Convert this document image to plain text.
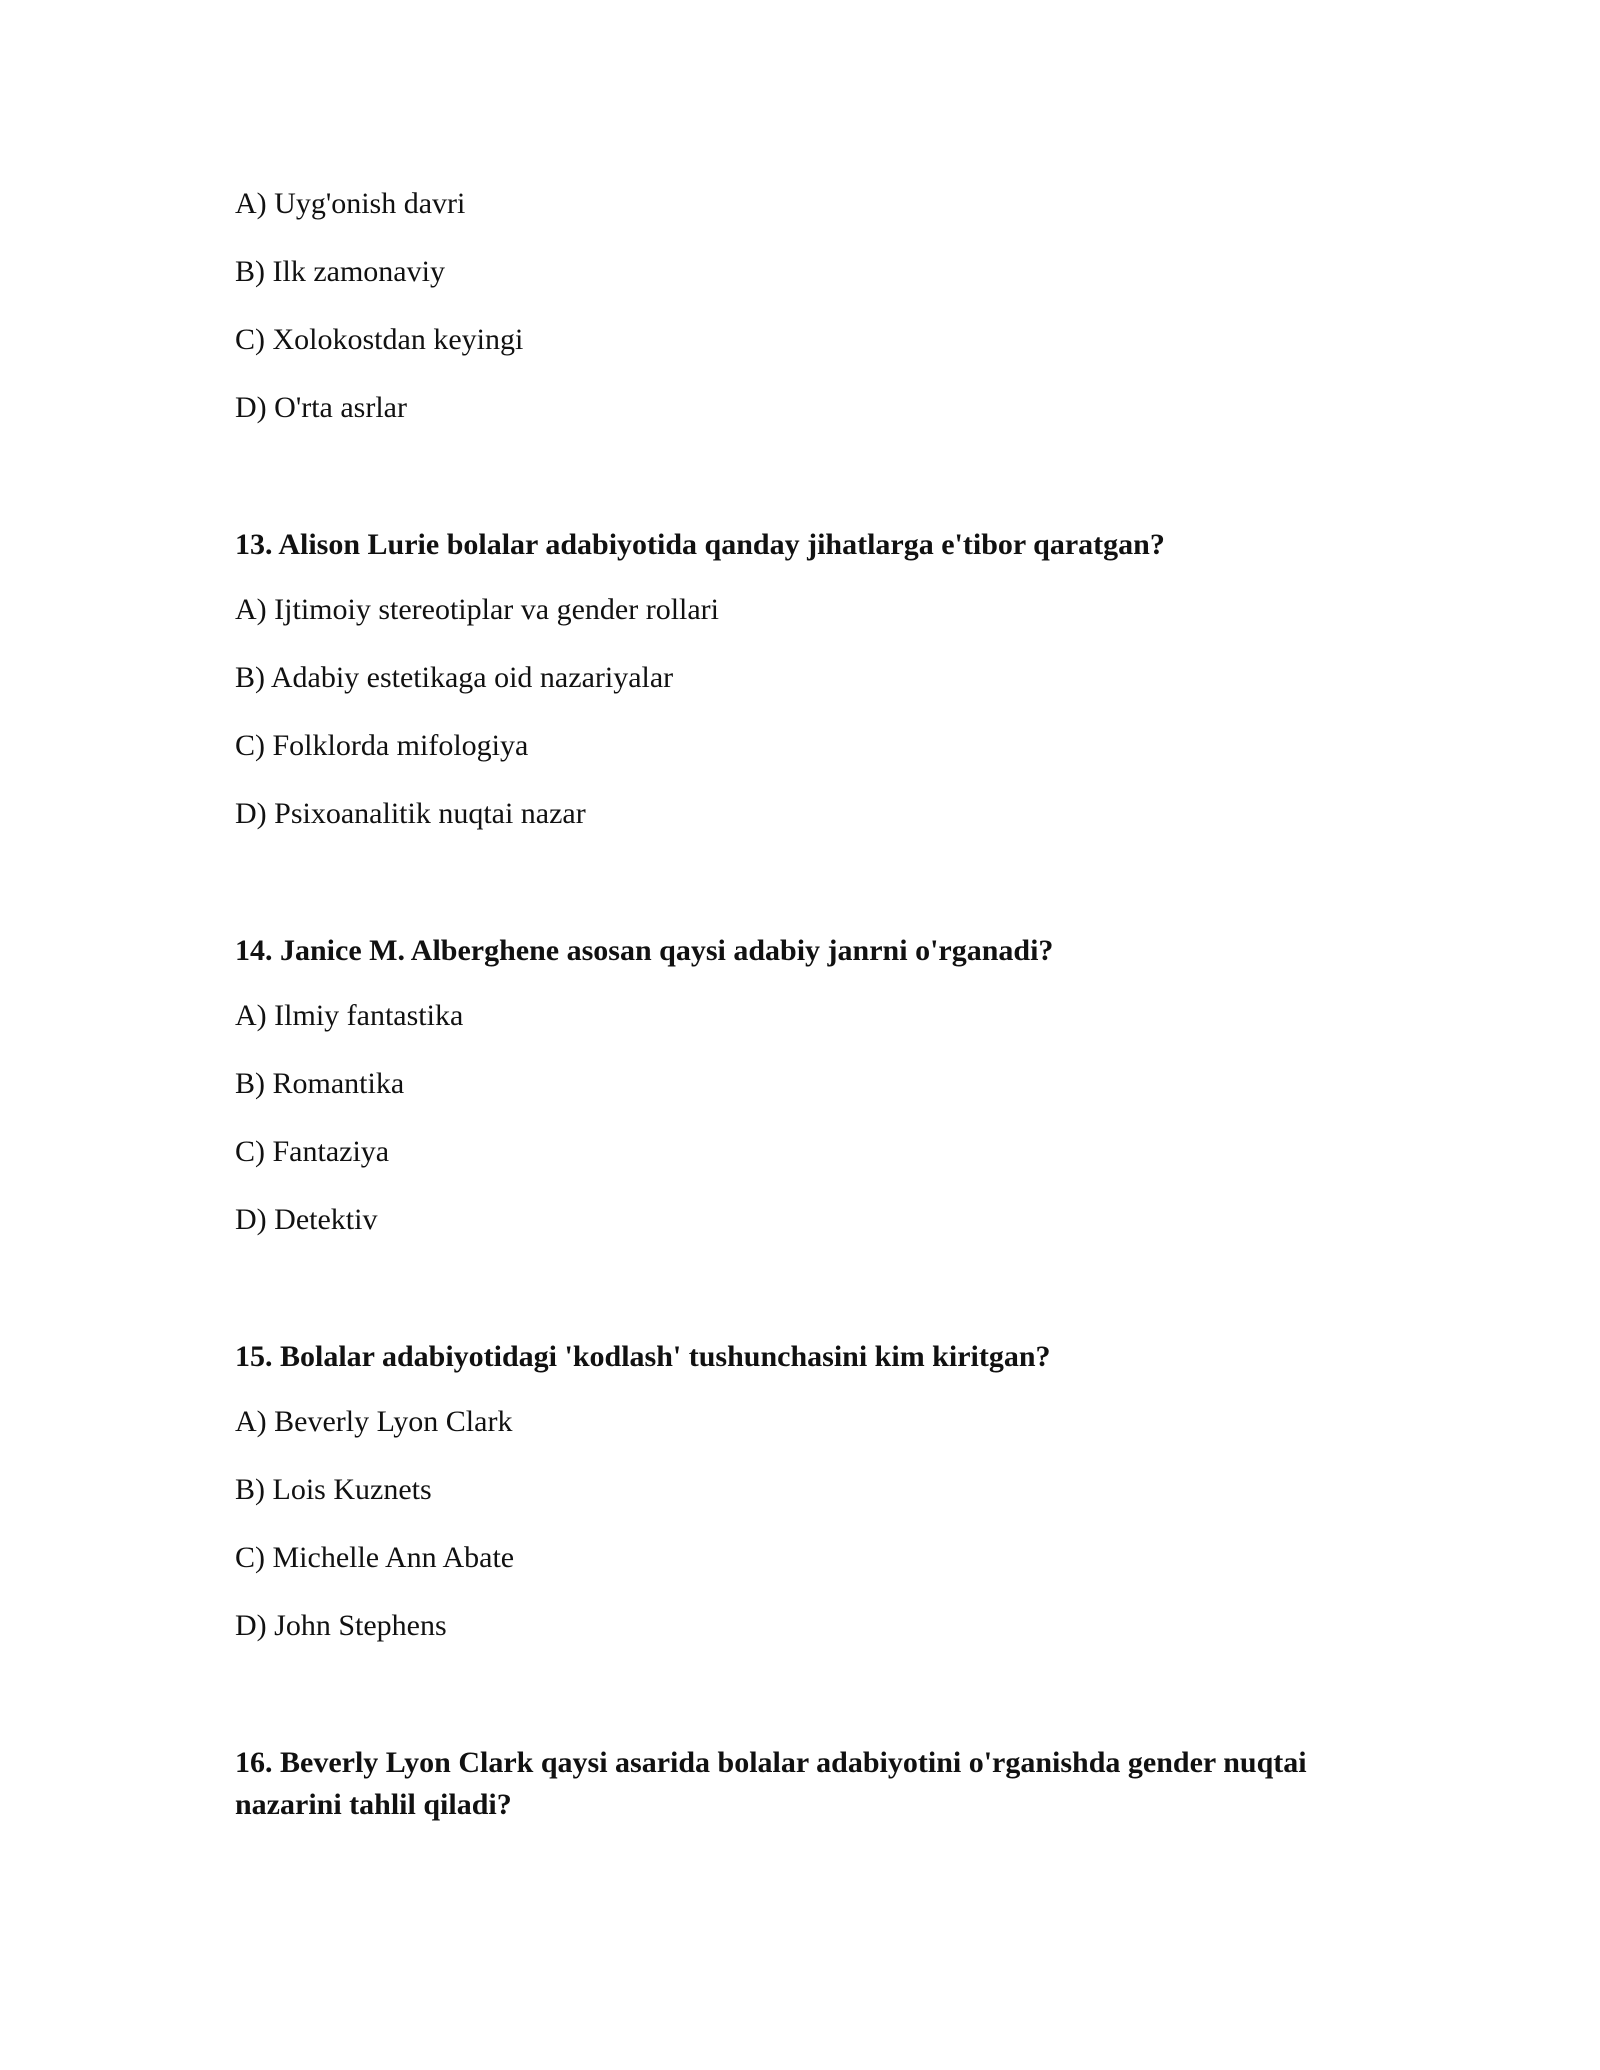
A) Uyg'onish davri
B) Ilk zamonaviy
C) Xolokostdan keyingi
D) O'rta asrlar
13. Alison Lurie bolalar adabiyotida qanday jihatlarga e'tibor qaratgan?
A) Ijtimoiy stereotiplar va gender rollari
B) Adabiy estetikaga oid nazariyalar
C) Folklorda mifologiya
D) Psixoanalitik nuqtai nazar
14. Janice M. Alberghene asosan qaysi adabiy janrni o'rganadi?
A) Ilmiy fantastika
B) Romantika
C) Fantaziya
D) Detektiv
15. Bolalar adabiyotidagi 'kodlash' tushunchasini kim kiritgan?
A) Beverly Lyon Clark
B) Lois Kuznets
C) Michelle Ann Abate
D) John Stephens
16. Beverly Lyon Clark qaysi asarida bolalar adabiyotini o'rganishda gender nuqtai nazarini tahlil qiladi?
